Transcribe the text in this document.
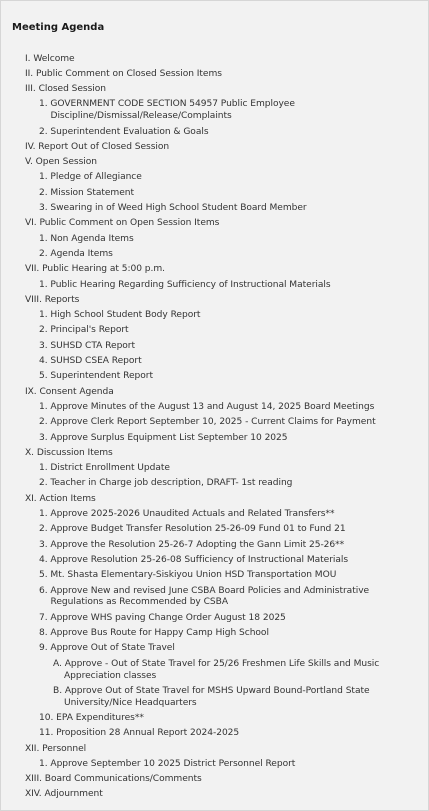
Meeting Agenda
I. Welcome
II. Public Comment on Closed Session Items
III. Closed Session
1. GOVERNMENT CODE SECTION 54957 Public Employee Discipline/Dismissal/Release/Complaints
2. Superintendent Evaluation & Goals
IV. Report Out of Closed Session
V. Open Session
1. Pledge of Allegiance
2. Mission Statement
3. Swearing in of Weed High School Student Board Member
VI. Public Comment on Open Session Items
1. Non Agenda Items
2. Agenda Items
VII. Public Hearing at 5:00 p.m.
1. Public Hearing Regarding Sufficiency of Instructional Materials
VIII. Reports
1. High School Student Body Report
2. Principal's Report
3. SUHSD CTA Report
4. SUHSD CSEA Report
5. Superintendent Report
IX. Consent Agenda
1. Approve Minutes of the August 13 and August 14, 2025 Board Meetings
2. Approve Clerk Report September 10, 2025 - Current Claims for Payment
3. Approve Surplus Equipment List September 10 2025
X. Discussion Items
1. District Enrollment Update
2. Teacher in Charge job description, DRAFT- 1st reading
XI. Action Items
1. Approve 2025-2026 Unaudited Actuals and Related Transfers**
2. Approve Budget Transfer Resolution 25-26-09 Fund 01 to Fund 21
3. Approve the Resolution 25-26-7 Adopting the Gann Limit 25-26**
4. Approve Resolution 25-26-08 Sufficiency of Instructional Materials
5. Mt. Shasta Elementary-Siskiyou Union HSD Transportation MOU
6. Approve New and revised June CSBA Board Policies and Administrative Regulations as Recommended by CSBA
7. Approve WHS paving Change Order August 18 2025
8. Approve Bus Route for Happy Camp High School
9. Approve Out of State Travel
A. Approve - Out of State Travel for 25/26 Freshmen Life Skills and Music Appreciation classes
B. Approve Out of State Travel for MSHS Upward Bound-Portland State University/Nice Headquarters
10. EPA Expenditures**
11. Proposition 28 Annual Report 2024-2025
XII. Personnel
1. Approve September 10 2025 District Personnel Report
XIII. Board Communications/Comments
XIV. Adjournment
